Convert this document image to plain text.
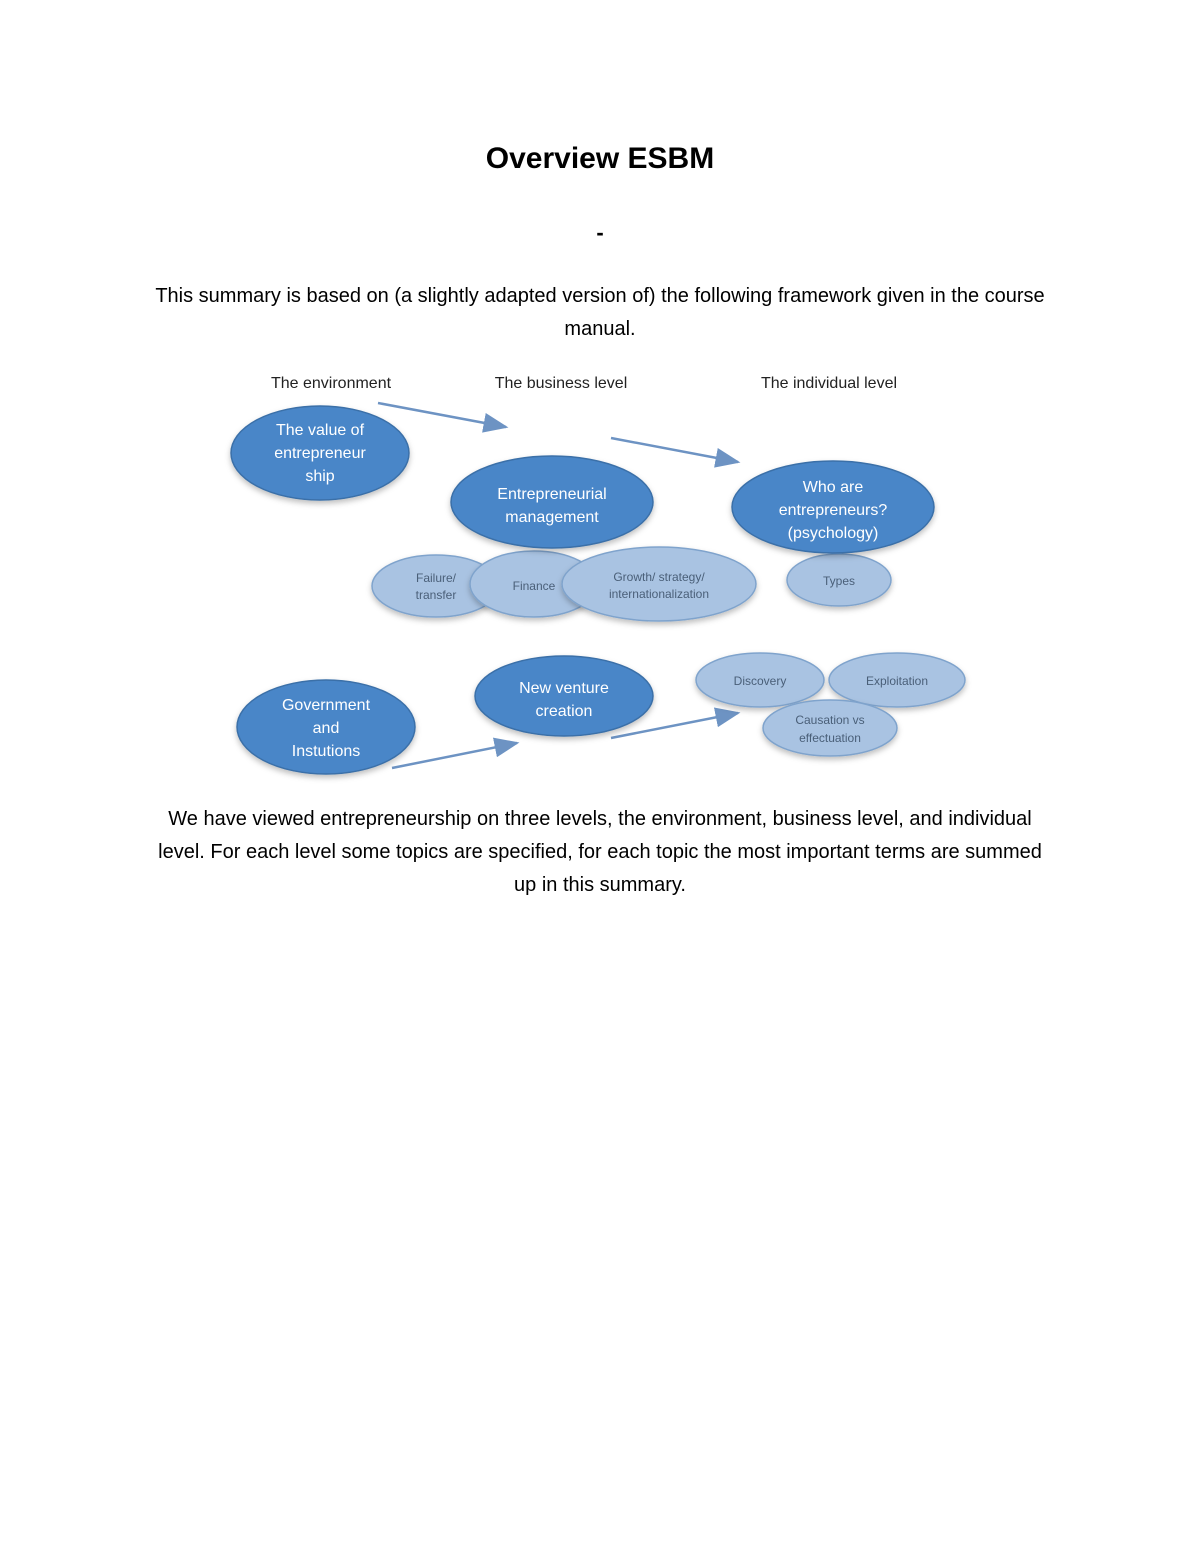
Overview ESBM
-
This summary is based on (a slightly adapted version of) the following framework given in the course manual.
The environment	The business level	The individual level
Failure/
transfer
Finance
Growth/ strategy/
internationalization
Types
Discovery	Exploitation
Causation vs
effectuation
The value of
entrepreneur
ship
Entrepreneurial
management
Who are
entrepreneurs?
(psychology)
Government
and
Instutions
New venture
creation
We have viewed entrepreneurship on three levels, the environment, business level, and individual level. For each level some topics are specified, for each topic the most important terms are summed up in this summary.
